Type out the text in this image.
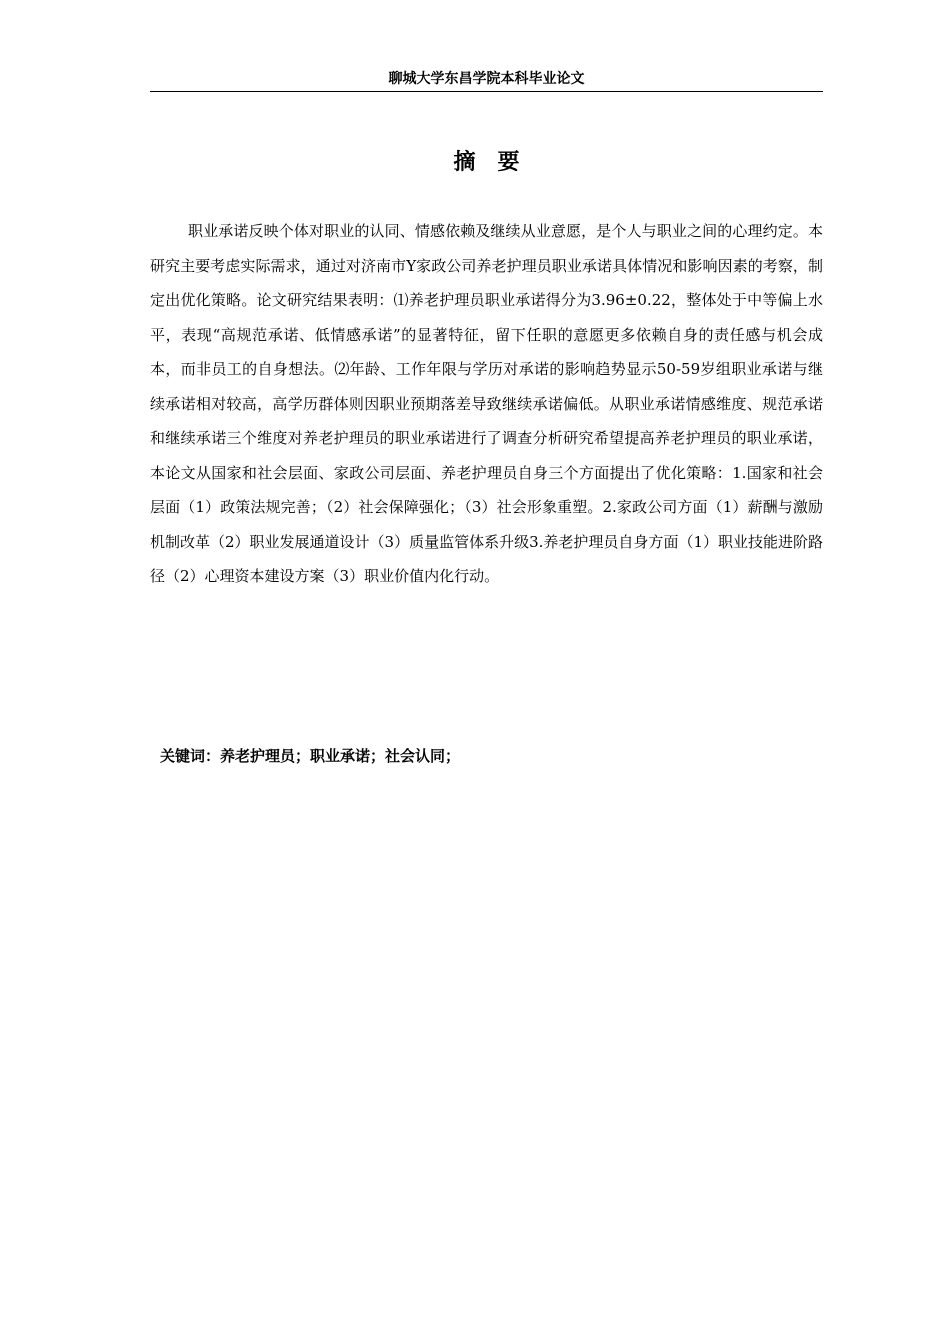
聊城大学东昌学院本科毕业论文
摘要

职业承诺反映个体对职业的认同、情感依赖及继续从业意愿，是个人与职业之间的心理约定。本研究主要考虑实际需求，通过对济南市Y家政公司养老护理员职业承诺具体情况和影响因素的考察，制定出优化策略。论文研究结果表明：⑴养老护理员职业承诺得分为3.96±0.22，整体处于中等偏上水平，表现“高规范承诺、低情感承诺”的显著特征，留下任职的意愿更多依赖自身的责任感与机会成本，而非员工的自身想法。⑵年龄、工作年限与学历对承诺的影响趋势显示50-59岁组职业承诺与继续承诺相对较高，高学历群体则因职业预期落差导致继续承诺偏低。从职业承诺情感维度、规范承诺和继续承诺三个维度对养老护理员的职业承诺进行了调查分析研究希望提高养老护理员的职业承诺，本论文从国家和社会层面、家政公司层面、养老护理员自身三个方面提出了优化策略：1.国家和社会层面（1）政策法规完善；（2）社会保障强化；（3）社会形象重塑。2.家政公司方面（1）薪酬与激励机制改革（2）职业发展通道设计（3）质量监管体系升级3.养老护理员自身方面（1）职业技能进阶路径（2）心理资本建设方案（3）职业价值内化行动。

关键词：养老护理员；职业承诺；社会认同；
